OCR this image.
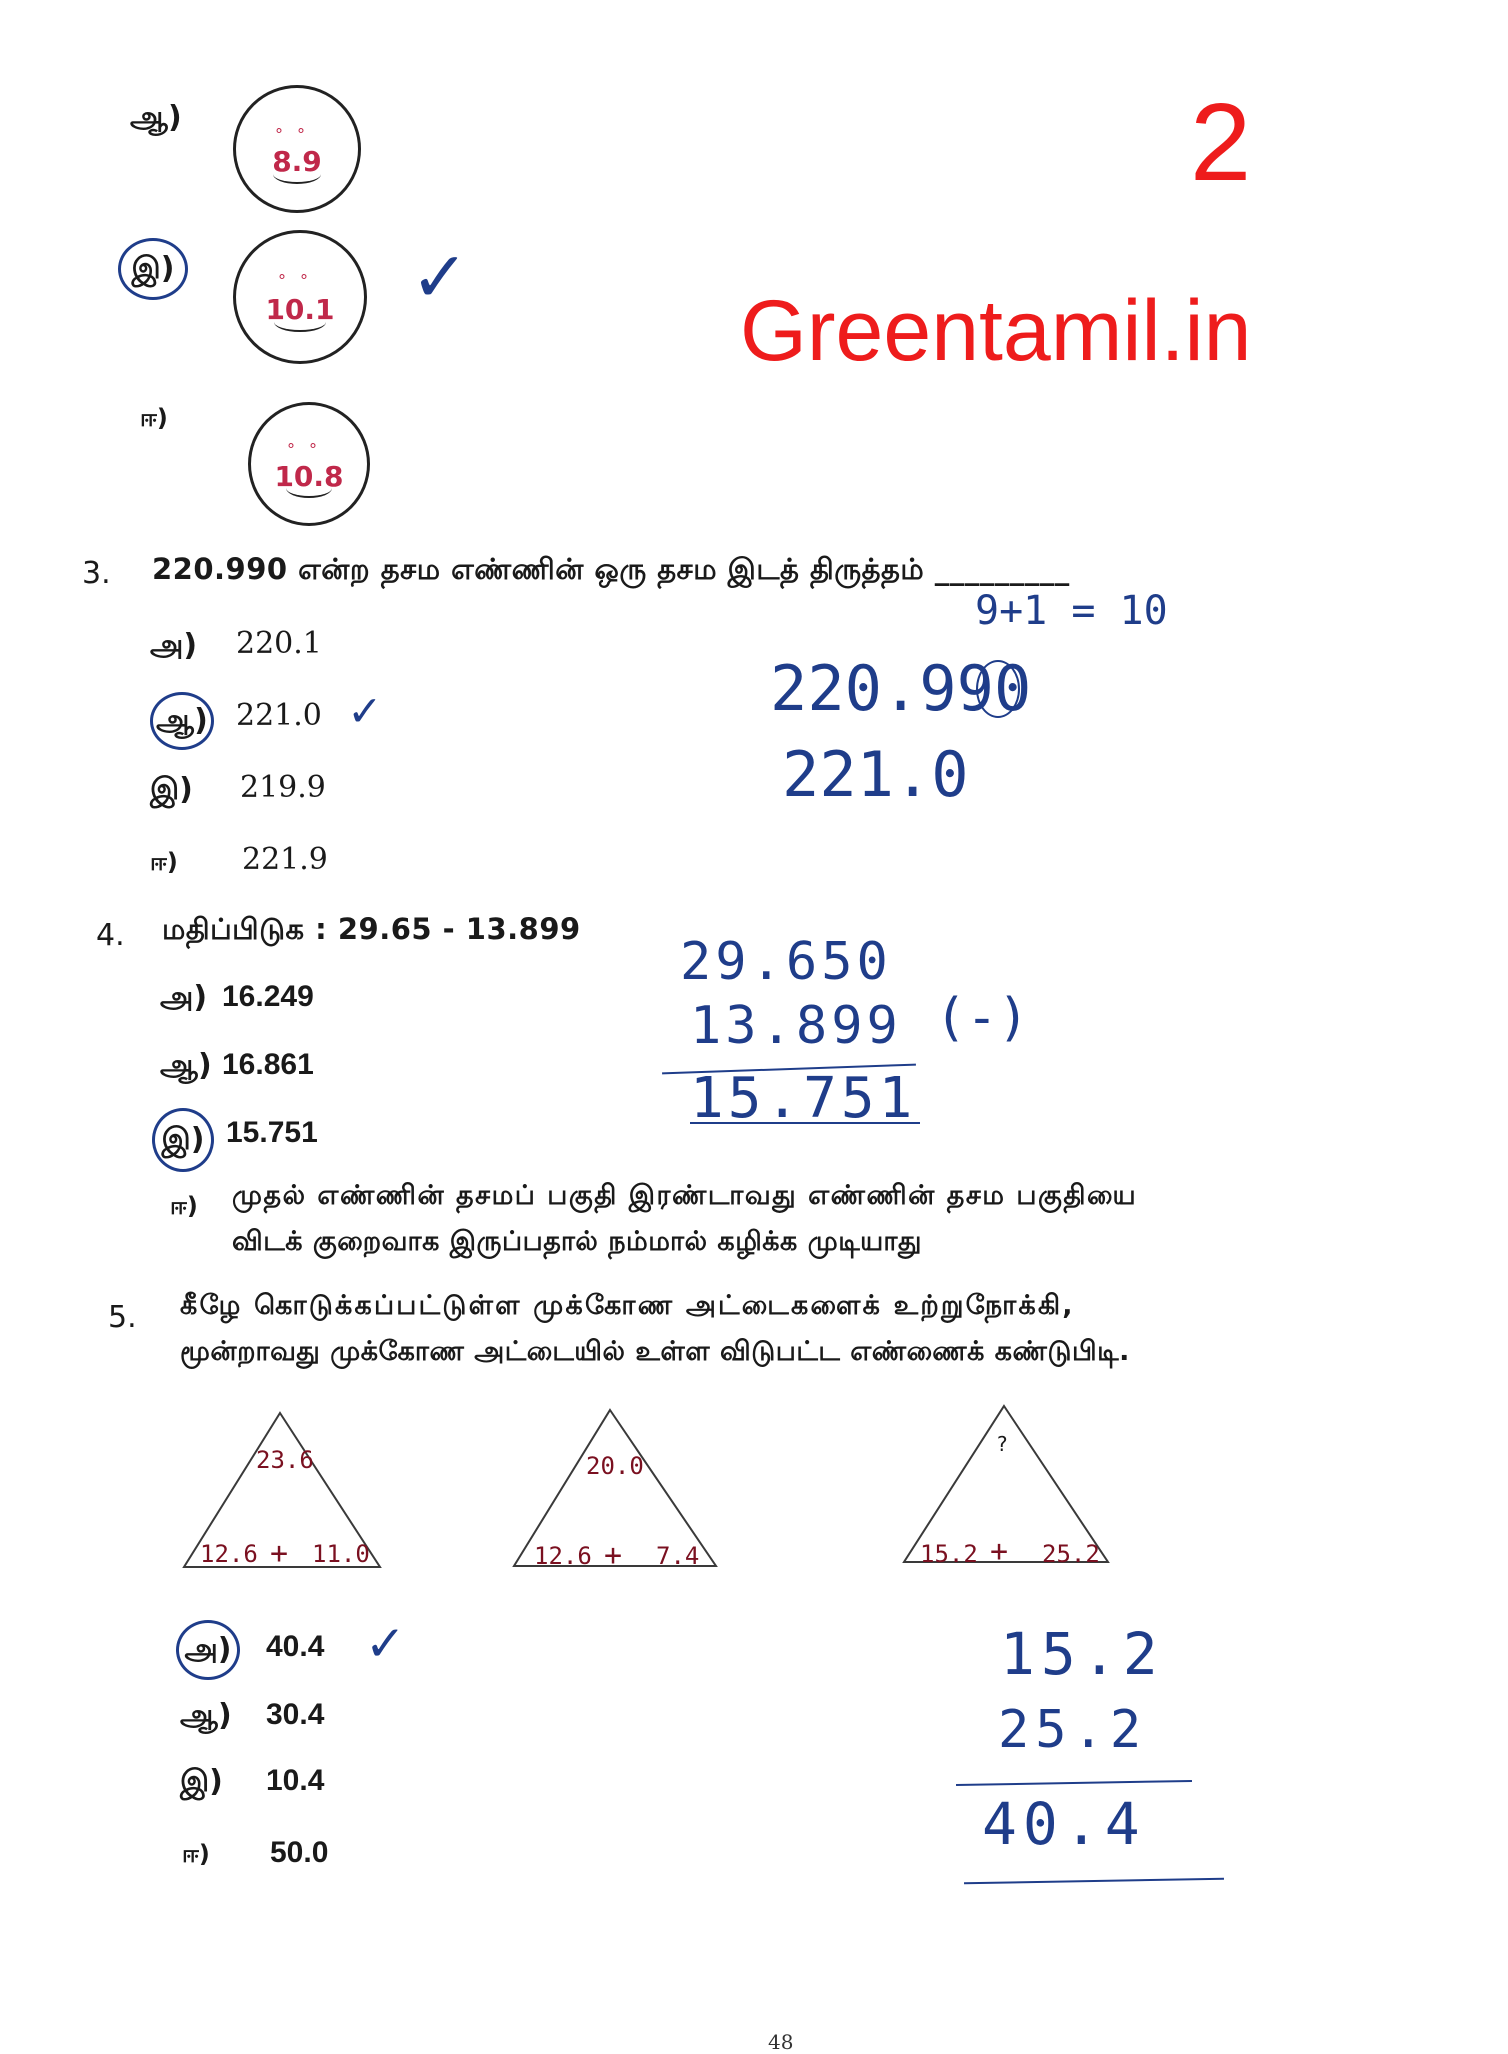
2
Greentamil.in
ஆ)	°°
8.9
இ)	°°
10.1	✓
ஈ)
°°
10.8
3. 220.990 என்ற தசம எண்ணின் ஒரு தசம இடத் திருத்தம் _________
அ) 220.1
ஆ) 221.0 ✓
இ) 219.9
ஈ) 221.9
9+1 = 10
220.990
221.0
4. மதிப்பிடுக : 29.65 - 13.899
அ) 16.249
ஆ) 16.861
இ) 15.751
ஈ) முதல் எண்ணின் தசமப் பகுதி இரண்டாவது எண்ணின் தசம பகுதியை
விடக் குறைவாக இருப்பதால் நம்மால் கழிக்க முடியாது
29.650
13.899 (-)
15.751
5. கீழே கொடுக்கப்பட்டுள்ள முக்கோண அட்டைகளைக் உற்றுநோக்கி,
மூன்றாவது முக்கோண அட்டையில் உள்ள விடுபட்ட எண்ணைக் கண்டுபிடி.
23.6
12.6 + 11.0
20.0
12.6 + 7.4
?
15.2 + 25.2
அ) 40.4 ✓
ஆ) 30.4
இ) 10.4
ஈ) 50.0
15.2
25.2
40.4
48
